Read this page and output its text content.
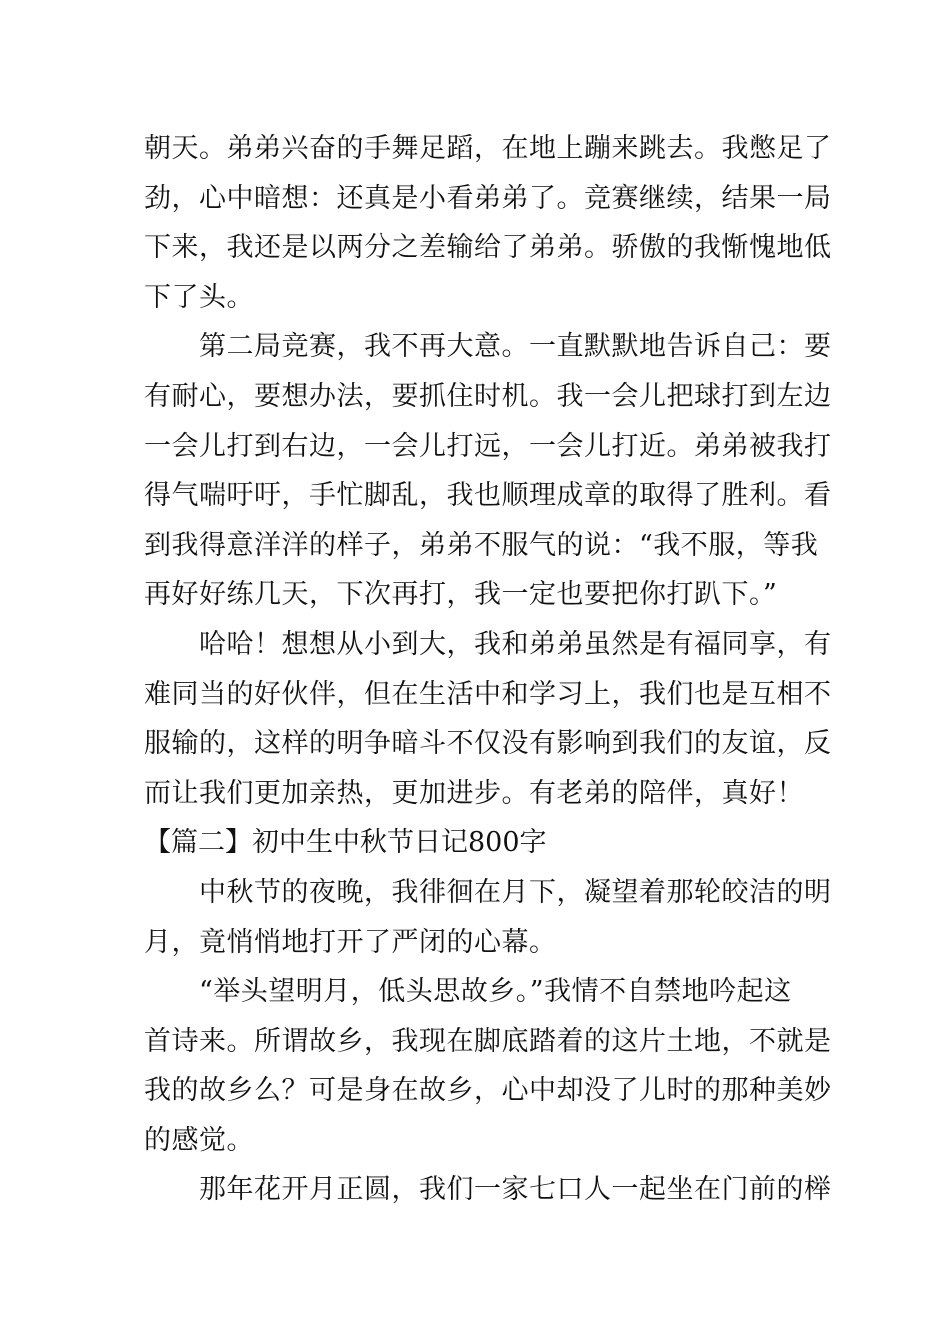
朝天。弟弟兴奋的手舞足蹈，在地上蹦来跳去。我憋足了
劲，心中暗想：还真是小看弟弟了。竞赛继续，结果一局
下来，我还是以两分之差输给了弟弟。骄傲的我惭愧地低
下了头。
　　第二局竞赛，我不再大意。一直默默地告诉自己：要
有耐心，要想办法，要抓住时机。我一会儿把球打到左边
一会儿打到右边，一会儿打远，一会儿打近。弟弟被我打
得气喘吁吁，手忙脚乱，我也顺理成章的取得了胜利。看
到我得意洋洋的样子，弟弟不服气的说：“我不服，等我
再好好练几天，下次再打，我一定也要把你打趴下。”
　　哈哈！想想从小到大，我和弟弟虽然是有福同享，有
难同当的好伙伴，但在生活中和学习上，我们也是互相不
服输的，这样的明争暗斗不仅没有影响到我们的友谊，反
而让我们更加亲热，更加进步。有老弟的陪伴，真好！
【篇二】初中生中秋节日记800字
　　中秋节的夜晚，我徘徊在月下，凝望着那轮皎洁的明
月，竟悄悄地打开了严闭的心幕。
　　“举头望明月，低头思故乡。”我情不自禁地吟起这
首诗来。所谓故乡，我现在脚底踏着的这片土地，不就是
我的故乡么？可是身在故乡，心中却没了儿时的那种美妙
的感觉。
　　那年花开月正圆，我们一家七口人一起坐在门前的榉
